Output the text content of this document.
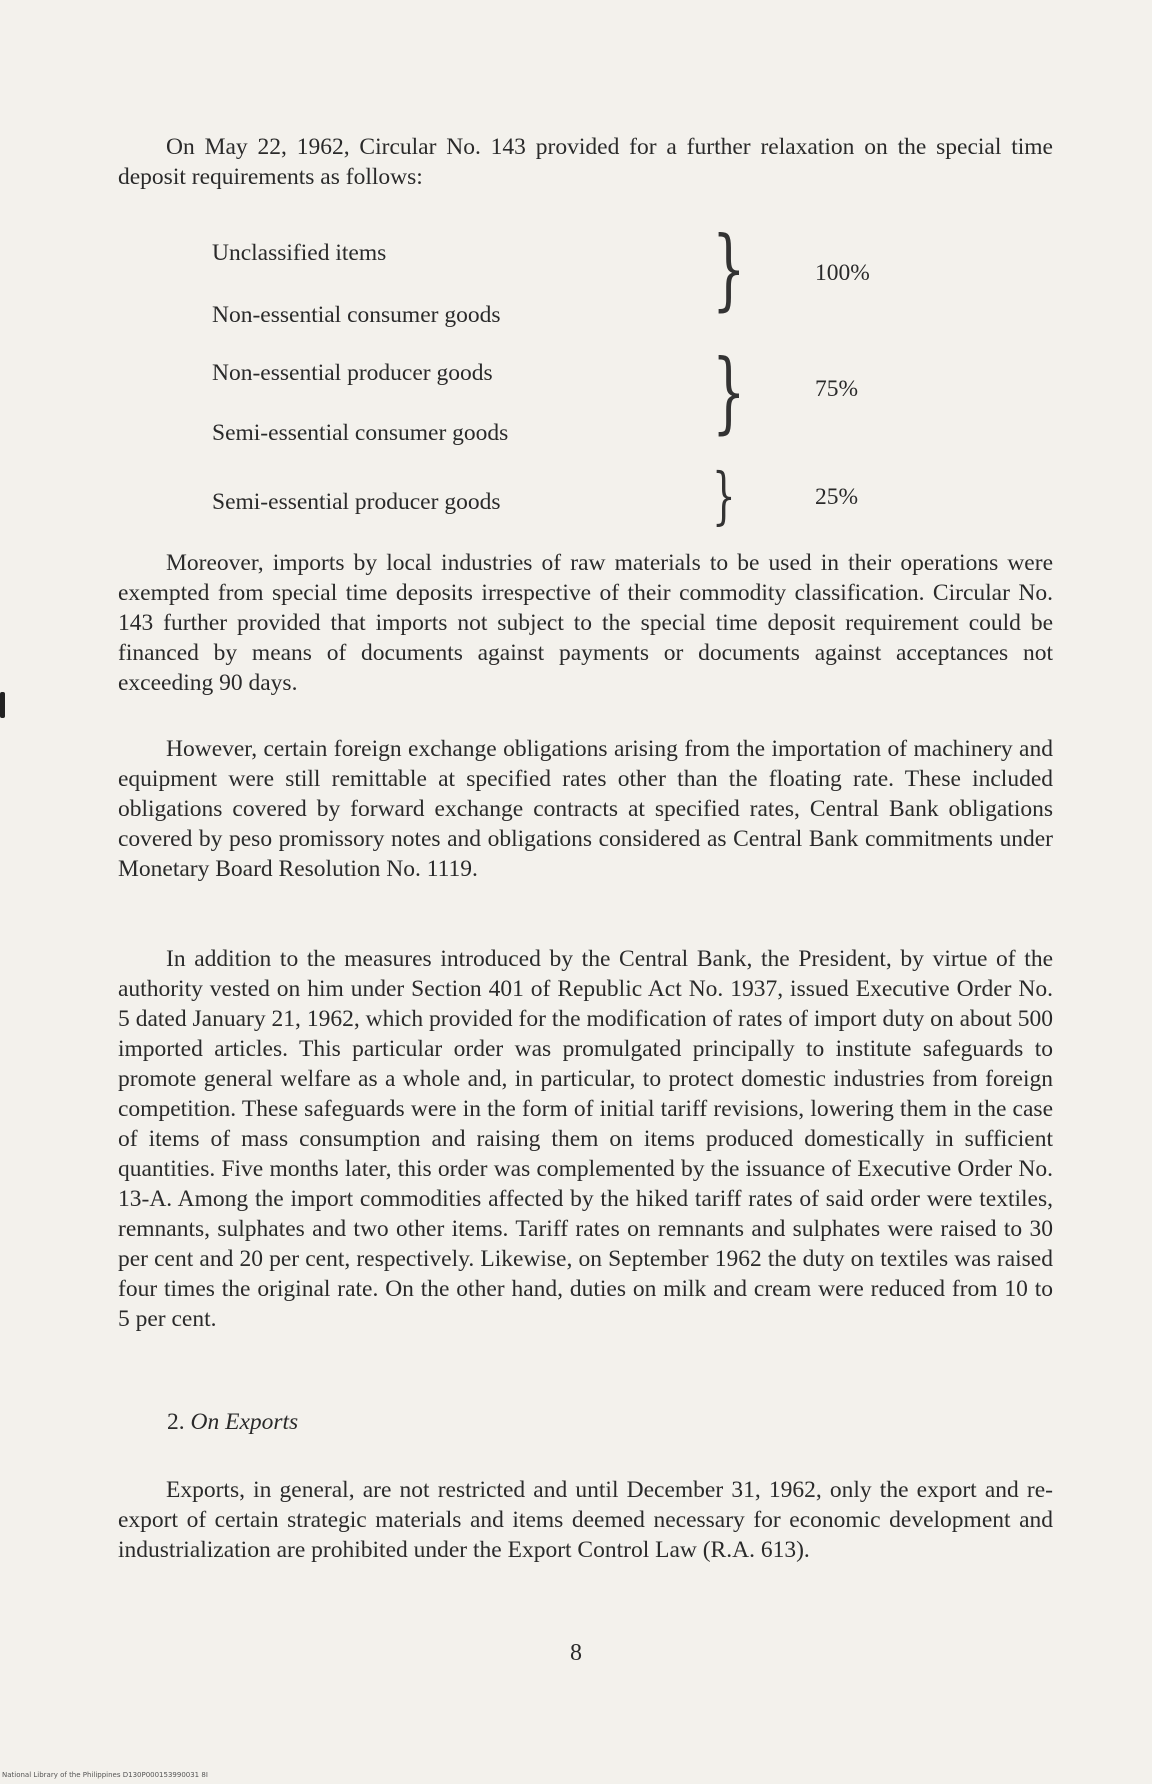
On May 22, 1962, Circular No. 143 provided for a further relaxation on the special time deposit requirements as follows:

Unclassified items
Non-essential consumer goods
Non-essential producer goods
Semi-essential consumer goods
Semi-essential producer goods
}
}
}
100%
75%
25%

Moreover, imports by local industries of raw materials to be used in their operations were exempted from special time deposits irrespective of their commodity classification. Circular No. 143 further provided that imports not subject to the special time deposit requirement could be financed by means of documents against payments or documents against acceptances not exceeding 90 days.

However, certain foreign exchange obligations arising from the importation of machinery and equipment were still remittable at specified rates other than the floating rate. These included obligations covered by forward exchange contracts at specified rates, Central Bank obligations covered by peso promissory notes and obligations considered as Central Bank commitments under Monetary Board Resolution No. 1119.

In addition to the measures introduced by the Central Bank, the President, by virtue of the authority vested on him under Section 401 of Republic Act No. 1937, issued Executive Order No. 5 dated January 21, 1962, which provided for the modification of rates of import duty on about 500 imported articles. This particular order was promulgated principally to institute safeguards to promote general welfare as a whole and, in particular, to protect domestic industries from foreign competition. These safeguards were in the form of initial tariff revisions, lowering them in the case of items of mass consumption and raising them on items produced domestically in sufficient quantities. Five months later, this order was complemented by the issuance of Executive Order No. 13-A. Among the import commodities affected by the hiked tariff rates of said order were textiles, remnants, sulphates and two other items. Tariff rates on remnants and sulphates were raised to 30 per cent and 20 per cent, respectively. Likewise, on September 1962 the duty on textiles was raised four times the original rate. On the other hand, duties on milk and cream were reduced from 10 to 5 per cent.

2. On Exports

Exports, in general, are not restricted and until December 31, 1962, only the export and re-export of certain strategic materials and items deemed necessary for economic development and industrialization are prohibited under the Export Control Law (R.A. 613).

8
National Library of the Philippines D130P000153990031 8I
